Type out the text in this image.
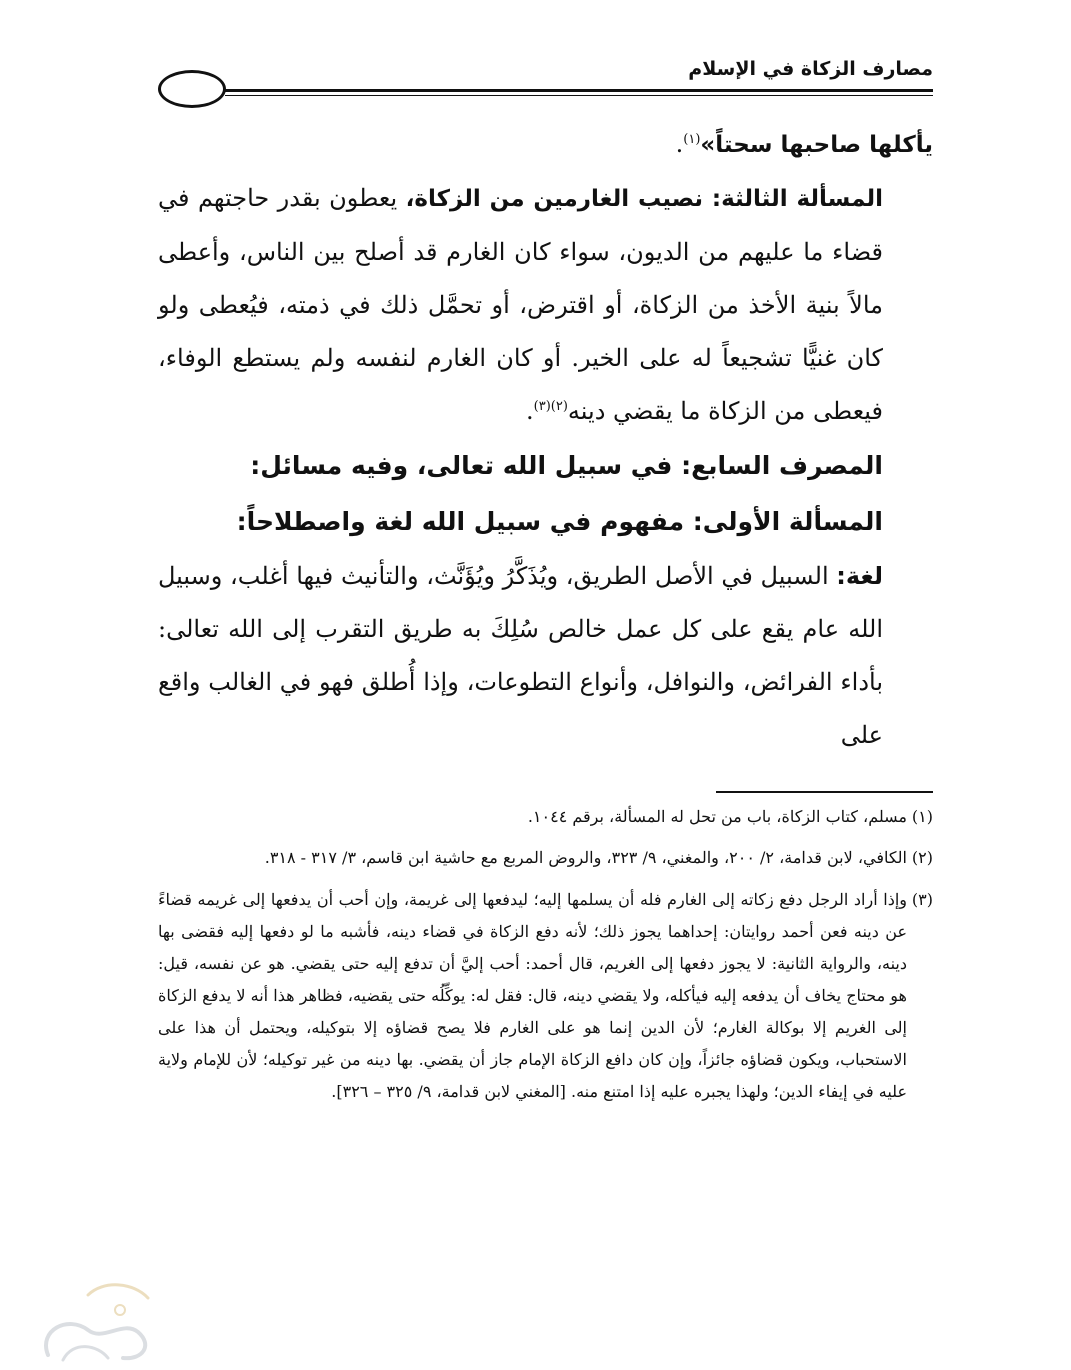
مصارف الزكاة في الإسلام

يأكلها صاحبها سحتاً»$^{(١)}$.

المسألة الثالثة: نصيب الغارمين من الزكاة، يعطون بقدر حاجتهم في قضاء ما عليهم من الديون، سواء كان الغارم قد أصلح بين الناس، وأعطى مالاً بنية الأخذ من الزكاة، أو اقترض، أو تحمَّل ذلك في ذمته، فيُعطى ولو كان غنيًّا تشجيعاً له على الخير. أو كان الغارم لنفسه ولم يستطع الوفاء، فيعطى من الزكاة ما يقضي دينه$^{(٢)(٣)}$.

المصرف السابع: في سبيل الله تعالى، وفيه مسائل:

المسألة الأولى: مفهوم في سبيل الله لغة واصطلاحاً:

لغة: السبيل في الأصل الطريق، ويُذَكَّرُ ويُؤَنَّث، والتأنيث فيها أغلب، وسبيل الله عام يقع على كل عمل خالص سُلِكَ به طريق التقرب إلى الله تعالى: بأداء الفرائض، والنوافل، وأنواع التطوعات، وإذا أُطلق فهو في الغالب واقع على

(١)
مسلم، كتاب الزكاة، باب من تحل له المسألة، برقم ١٠٤٤.

(٢)
الكافي، لابن قدامة، ٢/ ٢٠٠، والمغني، ٩/ ٣٢٣، والروض المربع مع حاشية ابن قاسم، ٣/ ٣١٧ - ٣١٨.

(٣)
وإذا أراد الرجل دفع زكاته إلى الغارم فله أن يسلمها إليه؛ ليدفعها إلى غريمة، وإن أحب أن يدفعها إلى غريمه قضاءً عن دينه فعن أحمد روايتان: إحداهما يجوز ذلك؛ لأنه دفع الزكاة في قضاء دينه، فأشبه ما لو دفعها إليه فقضى بها دينه، والرواية الثانية: لا يجوز دفعها إلى الغريم، قال أحمد: أحب إليَّ أن تدفع إليه حتى يقضي. هو عن نفسه، قيل: هو محتاج يخاف أن يدفعه إليه فيأكله، ولا يقضي دينه، قال: فقل له: يوكِّلُه حتى يقضيه، فظاهر هذا أنه لا يدفع الزكاة إلى الغريم إلا بوكالة الغارم؛ لأن الدين إنما هو على الغارم فلا يصح قضاؤه إلا بتوكيله، ويحتمل أن هذا على الاستحباب، ويكون قضاؤه جائزاً، وإن كان دافع الزكاة الإمام جاز أن يقضي. بها دينه من غير توكيله؛ لأن للإمام ولاية عليه في إيفاء الدين؛ ولهذا يجبره عليه إذا امتنع منه. [المغني لابن قدامة، ٩/ ٣٢٥ – ٣٢٦].
